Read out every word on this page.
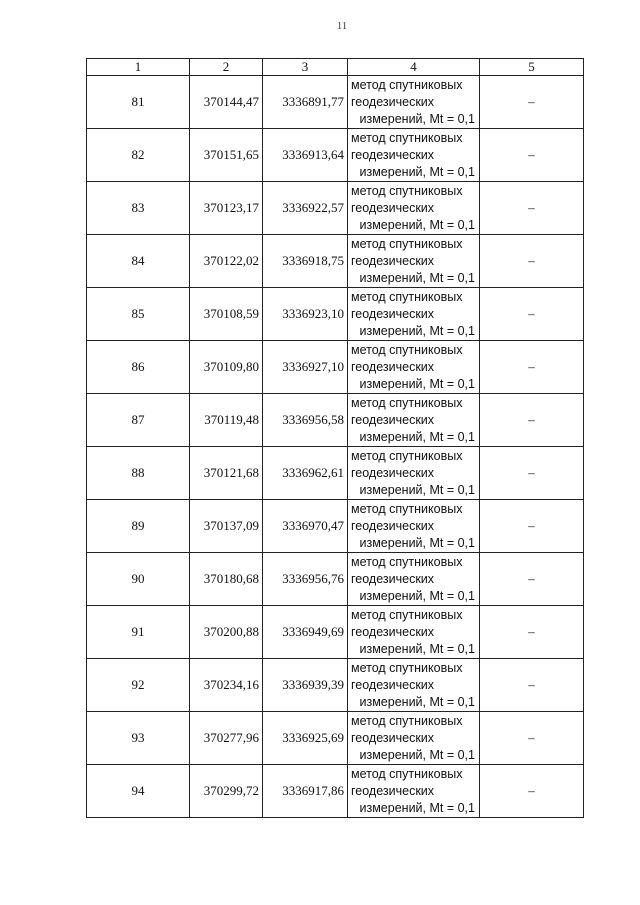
11
1	2	3	4	5
81	370144,47	3336891,77	метод спутниковых
геодезических
измерений, Mt = 0,1	–
82	370151,65	3336913,64	метод спутниковых
геодезических
измерений, Mt = 0,1	–
83	370123,17	3336922,57	метод спутниковых
геодезических
измерений, Mt = 0,1	–
84	370122,02	3336918,75	метод спутниковых
геодезических
измерений, Mt = 0,1	–
85	370108,59	3336923,10	метод спутниковых
геодезических
измерений, Mt = 0,1	–
86	370109,80	3336927,10	метод спутниковых
геодезических
измерений, Mt = 0,1	–
87	370119,48	3336956,58	метод спутниковых
геодезических
измерений, Mt = 0,1	–
88	370121,68	3336962,61	метод спутниковых
геодезических
измерений, Mt = 0,1	–
89	370137,09	3336970,47	метод спутниковых
геодезических
измерений, Mt = 0,1	–
90	370180,68	3336956,76	метод спутниковых
геодезических
измерений, Mt = 0,1	–
91	370200,88	3336949,69	метод спутниковых
геодезических
измерений, Mt = 0,1	–
92	370234,16	3336939,39	метод спутниковых
геодезических
измерений, Mt = 0,1	–
93	370277,96	3336925,69	метод спутниковых
геодезических
измерений, Mt = 0,1	–
94	370299,72	3336917,86	метод спутниковых
геодезических
измерений, Mt = 0,1	–
